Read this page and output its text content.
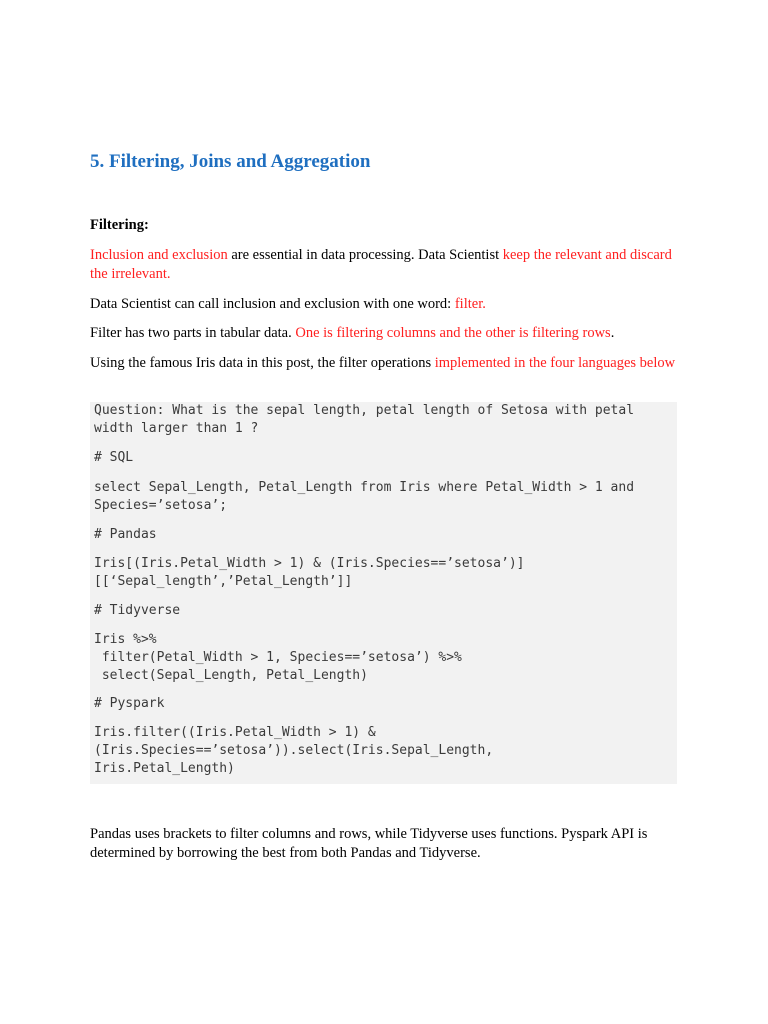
5. Filtering, Joins and Aggregation
Filtering:

Inclusion and exclusion are essential in data processing. Data Scientist keep the relevant and discard the irrelevant.

Data Scientist can call inclusion and exclusion with one word: filter.

Filter has two parts in tabular data. One is filtering columns and the other is filtering rows.

Using the famous Iris data in this post, the filter operations implemented in the four languages below

Question: What is the sepal length, petal length of Setosa with petal
width larger than 1 ?
# SQL
select Sepal_Length, Petal_Length from Iris where Petal_Width > 1 and
Species=’setosa’;
# Pandas
Iris[(Iris.Petal_Width > 1) & (Iris.Species==’setosa’)]
[[‘Sepal_length’,’Petal_Length’]]
# Tidyverse
Iris %>%
filter(Petal_Width > 1, Species==’setosa’) %>%
select(Sepal_Length, Petal_Length)
# Pyspark
Iris.filter((Iris.Petal_Width > 1) &
(Iris.Species==’setosa’)).select(Iris.Sepal_Length,
Iris.Petal_Length)

Pandas uses brackets to filter columns and rows, while Tidyverse uses functions. Pyspark API is determined by borrowing the best from both Pandas and Tidyverse.
